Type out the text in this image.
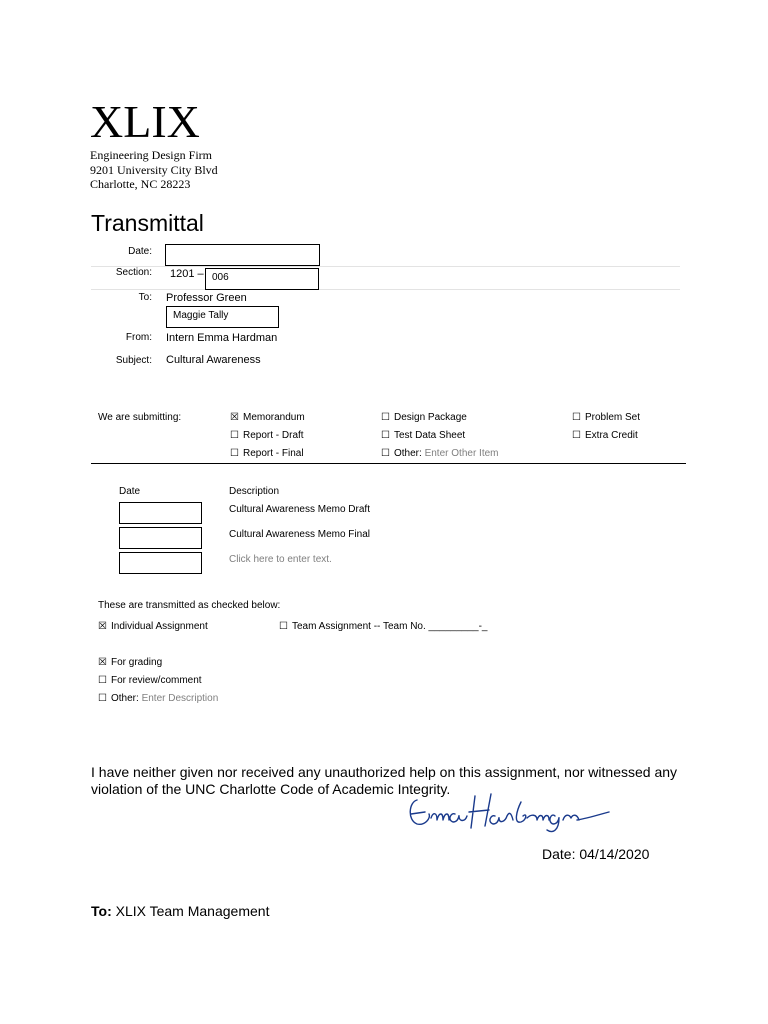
XLIX
Engineering Design Firm
9201 University City Blvd
Charlotte, NC 28223
Transmittal
Date:
Section: 1201 – 006
To: Professor Green
Maggie Tally
From: Intern Emma Hardman
Subject: Cultural Awareness
We are submitting:	☒ Memorandum
☐ Report - Draft
☐ Report - Final
☐ Design Package
☐ Test Data Sheet
☐ Other: Enter Other Item
☐ Problem Set
☐ Extra Credit
Date	Description
Cultural Awareness Memo Draft
Cultural Awareness Memo Final
Click here to enter text.
These are transmitted as checked below:
☒ Individual Assignment	☐ Team Assignment -- Team No. _________-_
☒ For grading
☐ For review/comment
☐ Other: Enter Description
I have neither given nor received any unauthorized help on this assignment, nor witnessed any violation of the UNC Charlotte Code of Academic Integrity.
Date: 04/14/2020
To: XLIX Team Management
